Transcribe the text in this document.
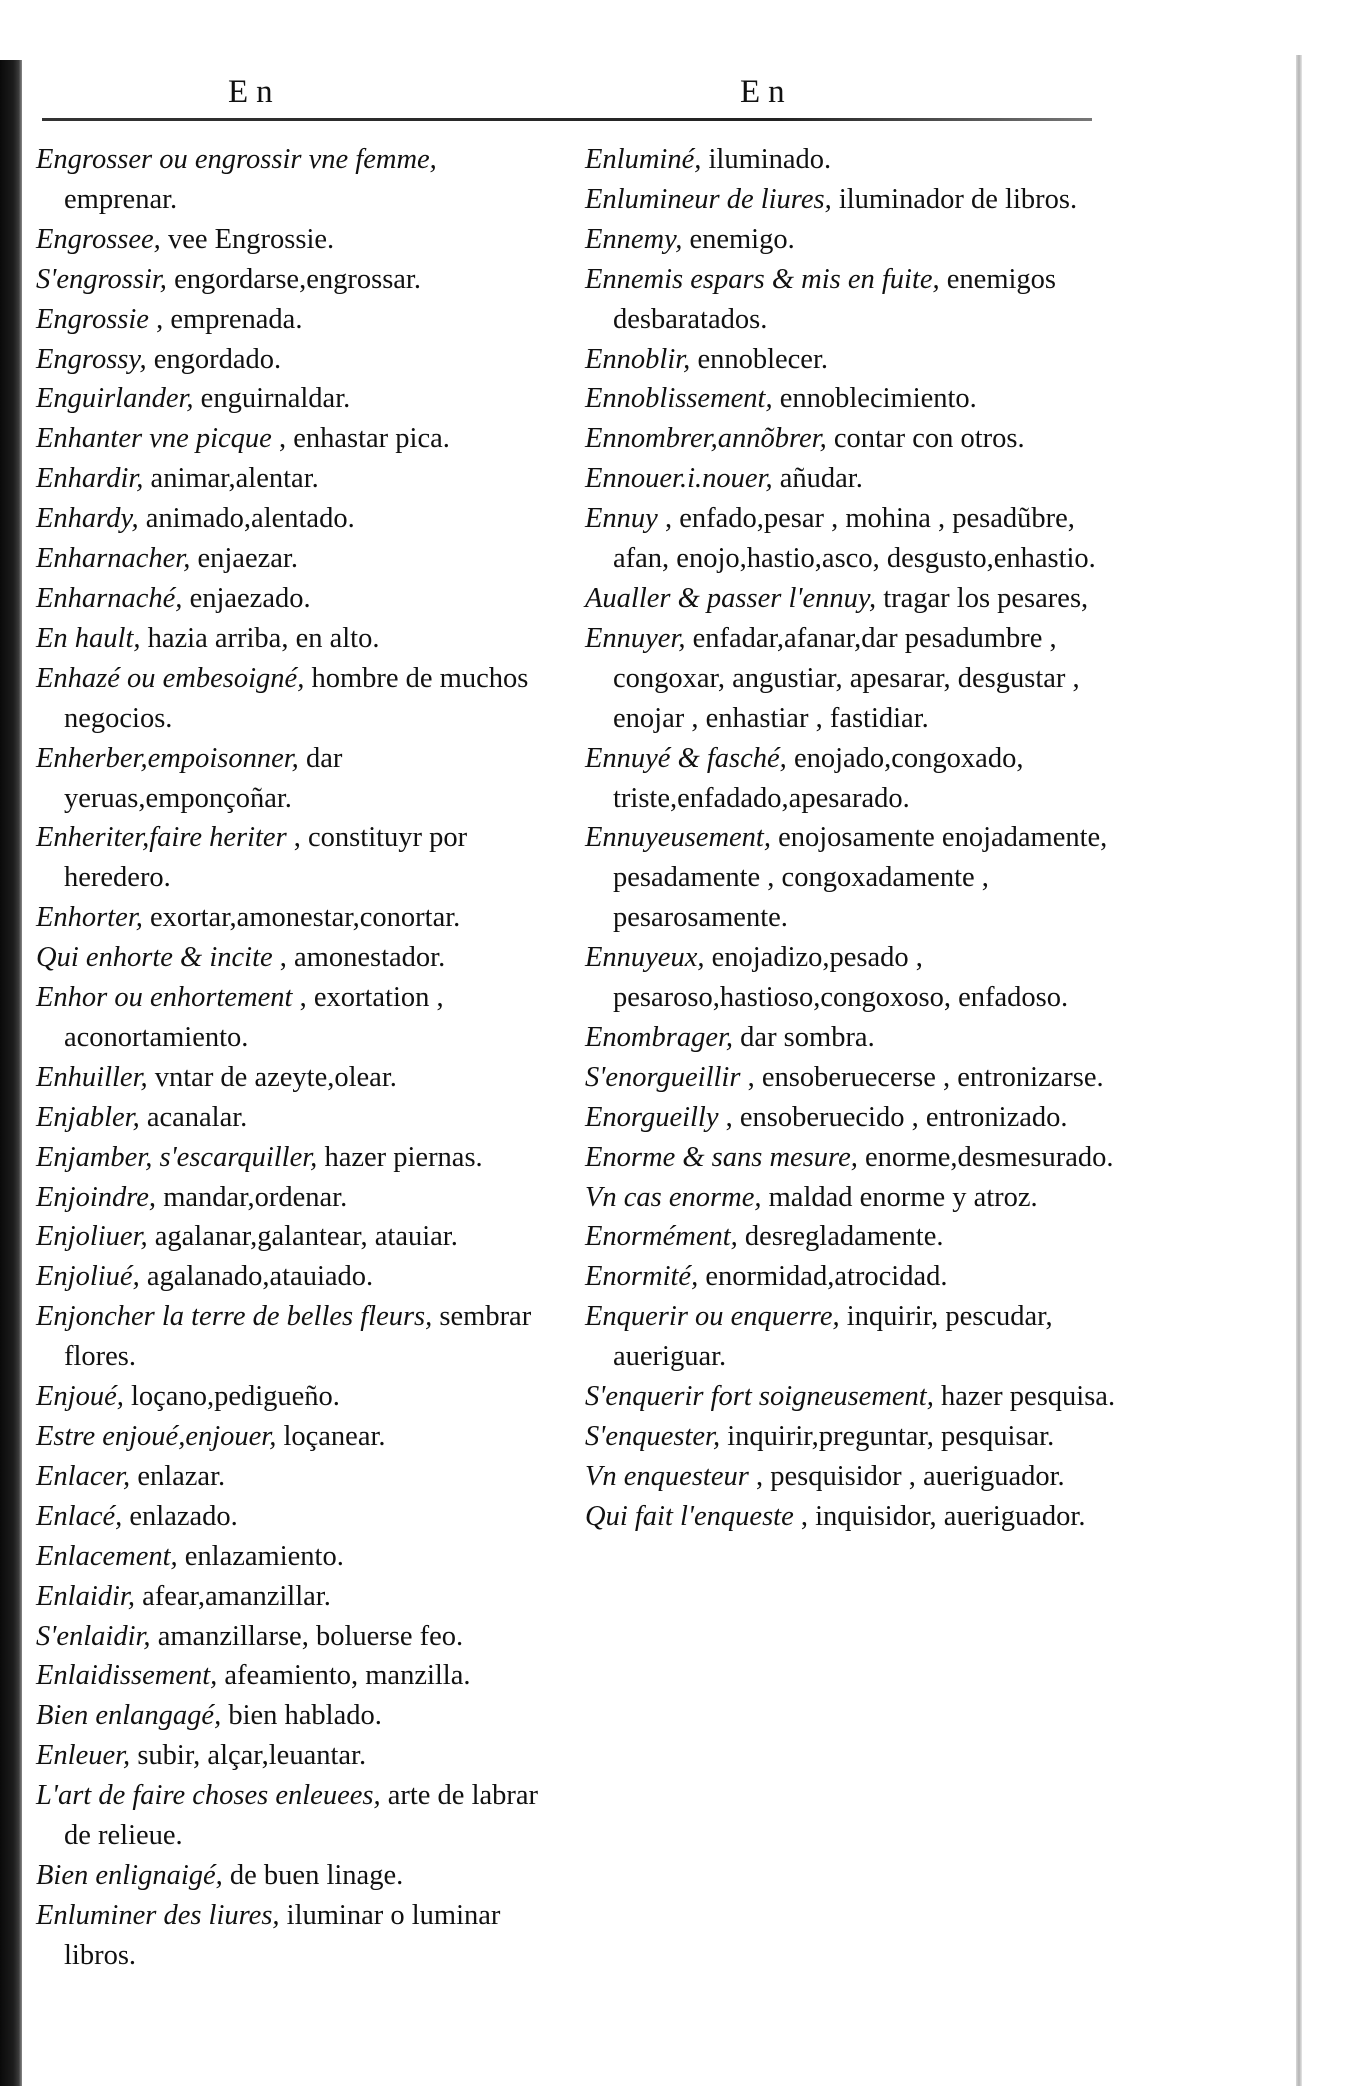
En	En

Engrosser ou engrossir vne femme, emprenar.

Engrossee, vee Engrossie.

S'engrossir, engordarse,engrossar.

Engrossie , emprenada.

Engrossy, engordado.

Enguirlander, enguirnaldar.

Enhanter vne picque , enhastar pica.

Enhardir, animar,alentar.

Enhardy, animado,alentado.

Enharnacher, enjaezar.

Enharnaché, enjaezado.

En hault, hazia arriba, en alto.

Enhazé ou embesoigné, hombre de muchos negocios.

Enherber,empoisonner, dar yeruas,emponçoñar.

Enheriter,faire heriter , constituyr por heredero.

Enhorter, exortar,amonestar,conortar.

Qui enhorte & incite , amonestador.

Enhor ou enhortement , exortation , aconortamiento.

Enhuiller, vntar de azeyte,olear.

Enjabler, acanalar.

Enjamber, s'escarquiller, hazer piernas.

Enjoindre, mandar,ordenar.

Enjoliuer, agalanar,galantear, atauiar.

Enjoliué, agalanado,atauiado.

Enjoncher la terre de belles fleurs, sembrar flores.

Enjoué, loçano,pedigueño.

Estre enjoué,enjouer, loçanear.

Enlacer, enlazar.

Enlacé, enlazado.

Enlacement, enlazamiento.

Enlaidir, afear,amanzillar.

S'enlaidir, amanzillarse, boluerse feo.

Enlaidissement, afeamiento, manzilla.

Bien enlangagé, bien hablado.

Enleuer, subir, alçar,leuantar.

L'art de faire choses enleuees, arte de labrar de relieue.

Bien enlignaigé, de buen linage.

Enluminer des liures, iluminar o luminar libros.

Enluminé, iluminado.

Enlumineur de liures, iluminador de libros.

Ennemy, enemigo.

Ennemis espars & mis en fuite, enemigos desbaratados.

Ennoblir, ennoblecer.

Ennoblissement, ennoblecimiento.

Ennombrer,annõbrer, contar con otros.

Ennouer.i.nouer, añudar.

Ennuy , enfado,pesar , mohina , pesadũbre, afan, enojo,hastio,asco, desgusto,enhastio.

Aualler & passer l'ennuy, tragar los pesares,

Ennuyer, enfadar,afanar,dar pesadumbre , congoxar, angustiar, apesarar, desgustar , enojar , enhastiar , fastidiar.

Ennuyé & fasché, enojado,congoxado, triste,enfadado,apesarado.

Ennuyeusement, enojosamente enojadamente, pesadamente , congoxadamente , pesarosamente.

Ennuyeux, enojadizo,pesado , pesaroso,hastioso,congoxoso, enfadoso.

Enombrager, dar sombra.

S'enorgueillir , ensoberuecerse , entronizarse.

Enorgueilly , ensoberuecido , entronizado.

Enorme & sans mesure, enorme,desmesurado.

Vn cas enorme, maldad enorme y atroz.

Enormément, desregladamente.

Enormité, enormidad,atrocidad.

Enquerir ou enquerre, inquirir, pescudar, aueriguar.

S'enquerir fort soigneusement, hazer pesquisa.

S'enquester, inquirir,preguntar, pesquisar.

Vn enquesteur , pesquisidor , aueriguador.

Qui fait l'enqueste , inquisidor, aueriguador.
